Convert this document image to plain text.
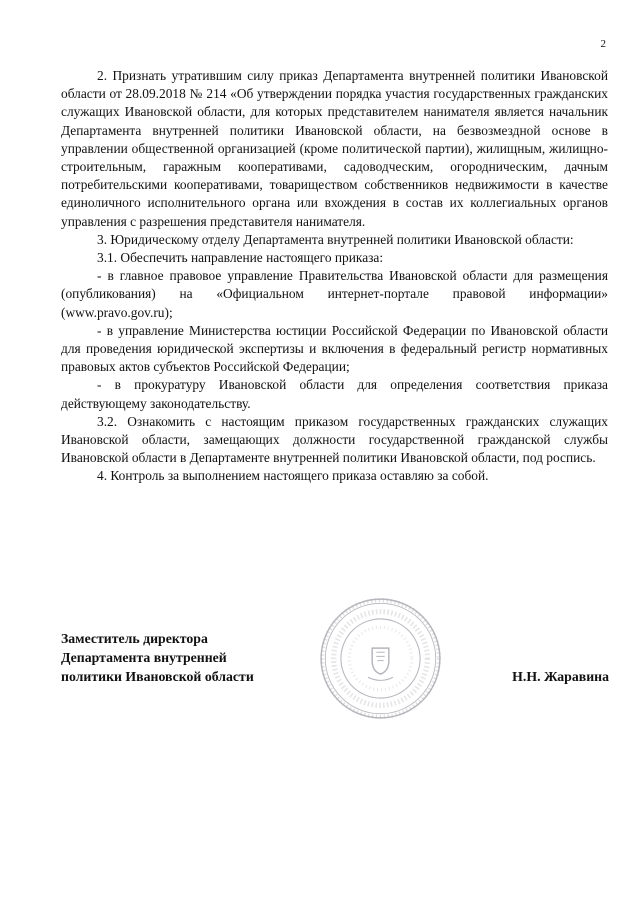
2

2. Признать утратившим силу приказ Департамента внутренней политики Ивановской области от 28.09.2018 № 214 «Об утверждении порядка участия государственных гражданских служащих Ивановской области, для которых представителем нанимателя является начальник Департамента внутренней политики Ивановской области, на безвозмездной основе в управлении общественной организацией (кроме политической партии), жилищным, жилищно-строительным, гаражным кооперативами, садоводческим, огородническим, дачным потребительскими кооперативами, товариществом собственников недвижимости в качестве единоличного исполнительного органа или вхождения в состав их коллегиальных органов управления с разрешения представителя нанимателя.

3. Юридическому отделу Департамента внутренней политики Ивановской области:

3.1. Обеспечить направление настоящего приказа:

- в главное правовое управление Правительства Ивановской области для размещения (опубликования) на «Официальном интернет-портале правовой информации» (www.pravo.gov.ru);

- в управление Министерства юстиции Российской Федерации по Ивановской области для проведения юридической экспертизы и включения в федеральный регистр нормативных правовых актов субъектов Российской Федерации;

- в прокуратуру Ивановской области для определения соответствия приказа действующему законодательству.

3.2. Ознакомить с настоящим приказом государственных гражданских служащих Ивановской области, замещающих должности государственной гражданской службы Ивановской области в Департаменте внутренней политики Ивановской области, под роспись.

4. Контроль за выполнением настоящего приказа оставляю за собой.

Заместитель директора
Департамента внутренней
политики Ивановской области	Н.Н. Жаравина
